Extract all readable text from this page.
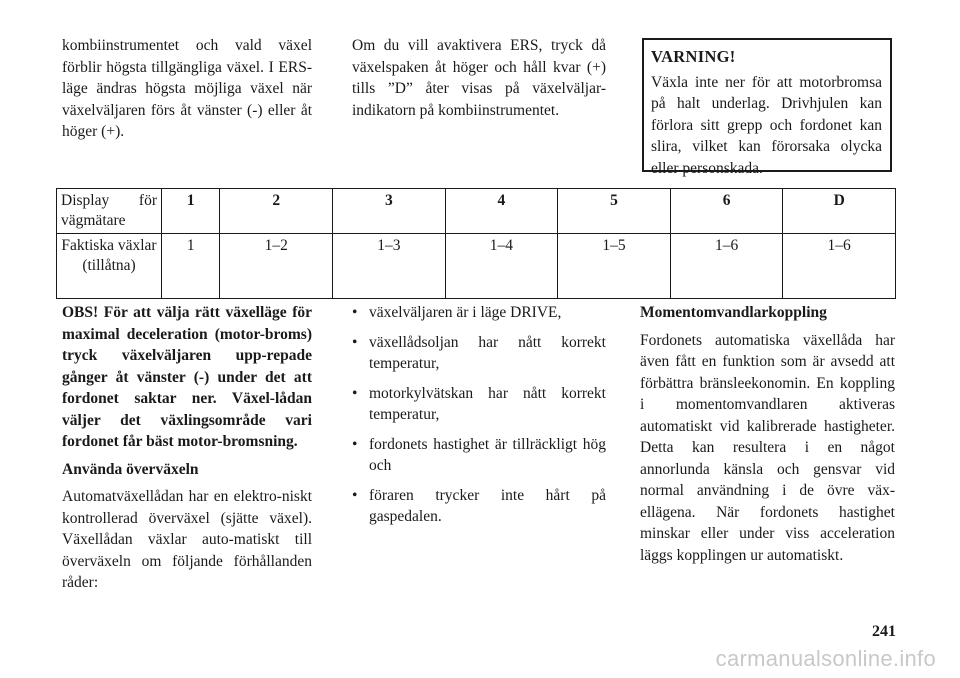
kombiinstrumentet och vald växel förblir högsta tillgängliga växel. I ERS-läge ändras högsta möjliga växel när växelväljaren förs åt vänster (-) eller åt höger (+).

Om du vill avaktivera ERS, tryck då växelspaken åt höger och håll kvar (+) tills ”D” åter visas på växelväljar-indikatorn på kombiinstrumentet.

VARNING!
Växla inte ner för att motorbromsa på halt underlag. Drivhjulen kan förlora sitt grepp och fordonet kan slira, vilket kan förorsaka olycka eller personskada.
Display för vägmätare	1	2	3	4	5	6	D
Faktiska växlar (tillåtna)	1	1–2	1–3	1–4	1–5	1–6	1–6

OBS! För att välja rätt växelläge för maximal deceleration (motor-broms) tryck växelväljaren upp-repade gånger åt vänster (-) under det att fordonet saktar ner. Växel-lådan väljer det växlingsområde vari fordonet får bäst motor-bromsning.

Använda överväxeln

Automatväxellådan har en elektro-niskt kontrollerad överväxel (sjätte växel). Växellådan växlar auto-matiskt till överväxeln om följande förhållanden råder:

• växelväljaren är i läge DRIVE,
• växellådsoljan har nått korrekt temperatur,
• motorkylvätskan har nått korrekt temperatur,
• fordonets hastighet är tillräckligt hög och
• föraren trycker inte hårt på gaspedalen.

Momentomvandlarkoppling

Fordonets automatiska växellåda har även fått en funktion som är avsedd att förbättra bränsleekonomin. En koppling i momentomvandlaren aktiveras automatiskt vid kalibrerade hastigheter. Detta kan resultera i en något annorlunda känsla och gensvar vid normal användning i de övre väx-ellägena. När fordonets hastighet minskar eller under viss acceleration läggs kopplingen ur automatiskt.

241
carmanualsonline.info
